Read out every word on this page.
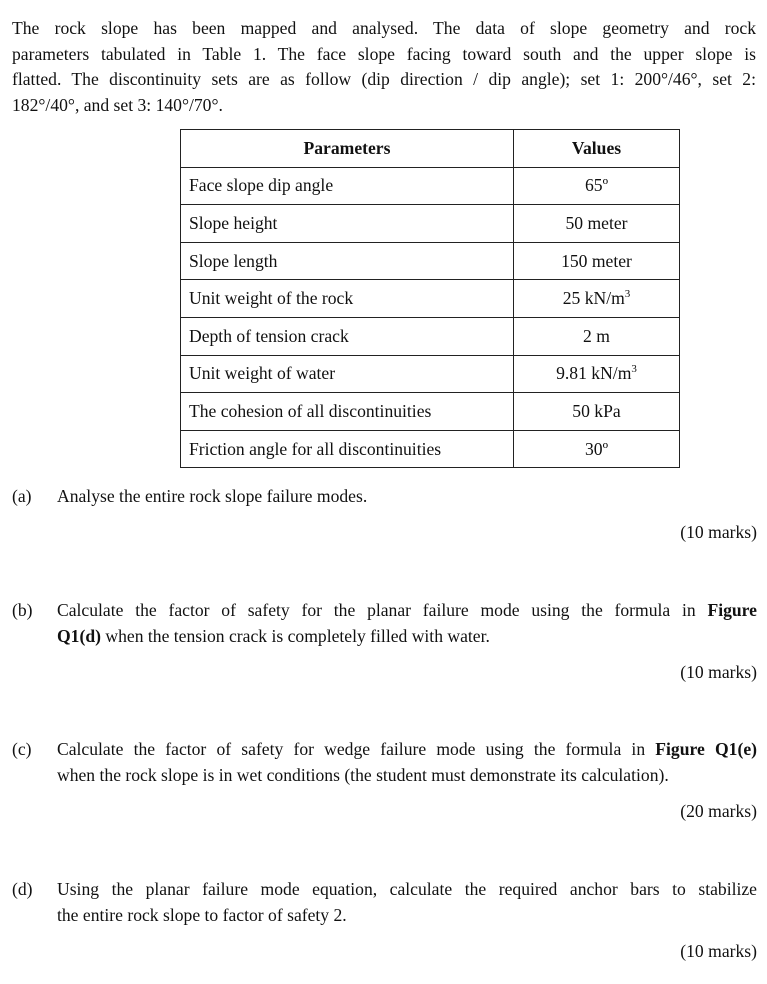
The rock slope has been mapped and analysed. The data of slope geometry and rock
parameters tabulated in Table 1. The face slope facing toward south and the upper slope is
flatted. The discontinuity sets are as follow (dip direction / dip angle); set 1: 200°/46°, set 2:
182°/40°, and set 3: 140°/70°.
Parameters	Values
Face slope dip angle	65º
Slope height	50 meter
Slope length	150 meter
Unit weight of the rock	25 $kN/m^3$
Depth of tension crack	2 m
Unit weight of water	9.81 $kN/m^3$
The cohesion of all discontinuities	50 kPa
Friction angle for all discontinuities	30º
(a) Analyse the entire rock slope failure modes.
(10 marks)
(b) Calculate the factor of safety for the planar failure mode using the formula in Figure
Q1(d) when the tension crack is completely filled with water.
(10 marks)
(c) Calculate the factor of safety for wedge failure mode using the formula in Figure Q1(e)
when the rock slope is in wet conditions (the student must demonstrate its calculation).
(20 marks)
(d) Using the planar failure mode equation, calculate the required anchor bars to stabilize
the entire rock slope to factor of safety 2.
(10 marks)
